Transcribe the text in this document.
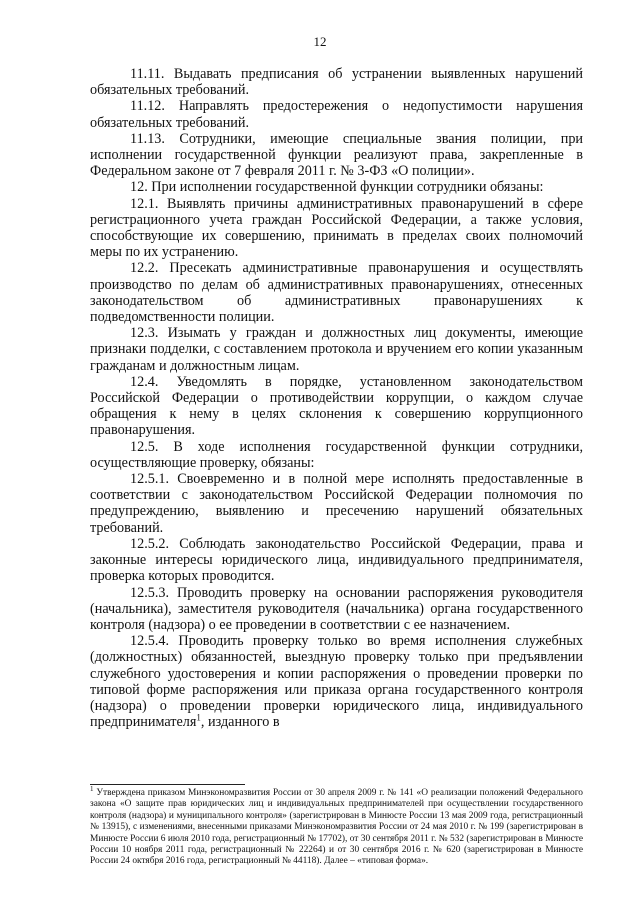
12

11.11. Выдавать предписания об устранении выявленных нарушений обязательных требований.

11.12. Направлять предостережения о недопустимости нарушения обязательных требований.

11.13. Сотрудники, имеющие специальные звания полиции, при исполнении государственной функции реализуют права, закрепленные в Федеральном законе от 7 февраля 2011 г. № 3-ФЗ «О полиции».

12. При исполнении государственной функции сотрудники обязаны:

12.1. Выявлять причины административных правонарушений в сфере регистрационного учета граждан Российской Федерации, а также условия, способствующие их совершению, принимать в пределах своих полномочий меры по их устранению.

12.2. Пресекать административные правонарушения и осуществлять производство по делам об административных правонарушениях, отнесенных законодательством об административных правонарушениях к подведомственности полиции.

12.3. Изымать у граждан и должностных лиц документы, имеющие признаки подделки, с составлением протокола и вручением его копии указанным гражданам и должностным лицам.

12.4. Уведомлять в порядке, установленном законодательством Российской Федерации о противодействии коррупции, о каждом случае обращения к нему в целях склонения к совершению коррупционного правонарушения.

12.5. В ходе исполнения государственной функции сотрудники, осуществляющие проверку, обязаны:

12.5.1. Своевременно и в полной мере исполнять предоставленные в соответствии с законодательством Российской Федерации полномочия по предупреждению, выявлению и пресечению нарушений обязательных требований.

12.5.2. Соблюдать законодательство Российской Федерации, права и законные интересы юридического лица, индивидуального предпринимателя, проверка которых проводится.

12.5.3. Проводить проверку на основании распоряжения руководителя (начальника), заместителя руководителя (начальника) органа государственного контроля (надзора) о ее проведении в соответствии с ее назначением.

12.5.4. Проводить проверку только во время исполнения служебных (должностных) обязанностей, выездную проверку только при предъявлении служебного удостоверения и копии распоряжения о проведении проверки по типовой форме распоряжения или приказа органа государственного контроля (надзора) о проведении проверки юридического лица, индивидуального предпринимателя$^1$, изданного в

$^1$ Утверждена приказом Минэкономразвития России от 30 апреля 2009 г. № 141 «О реализации положений Федерального закона «О защите прав юридических лиц и индивидуальных предпринимателей при осуществлении государственного контроля (надзора) и муниципального контроля» (зарегистрирован в Минюсте России 13 мая 2009 года, регистрационный № 13915), с изменениями, внесенными приказами Минэкономразвития России от 24 мая 2010 г. № 199 (зарегистрирован в Минюсте России 6 июля 2010 года, регистрационный № 17702), от 30 сентября 2011 г. № 532 (зарегистрирован в Минюсте России 10 ноября 2011 года, регистрационный № 22264) и от 30 сентября 2016 г. № 620 (зарегистрирован в Минюсте России 24 октября 2016 года, регистрационный № 44118). Далее – «типовая форма».
